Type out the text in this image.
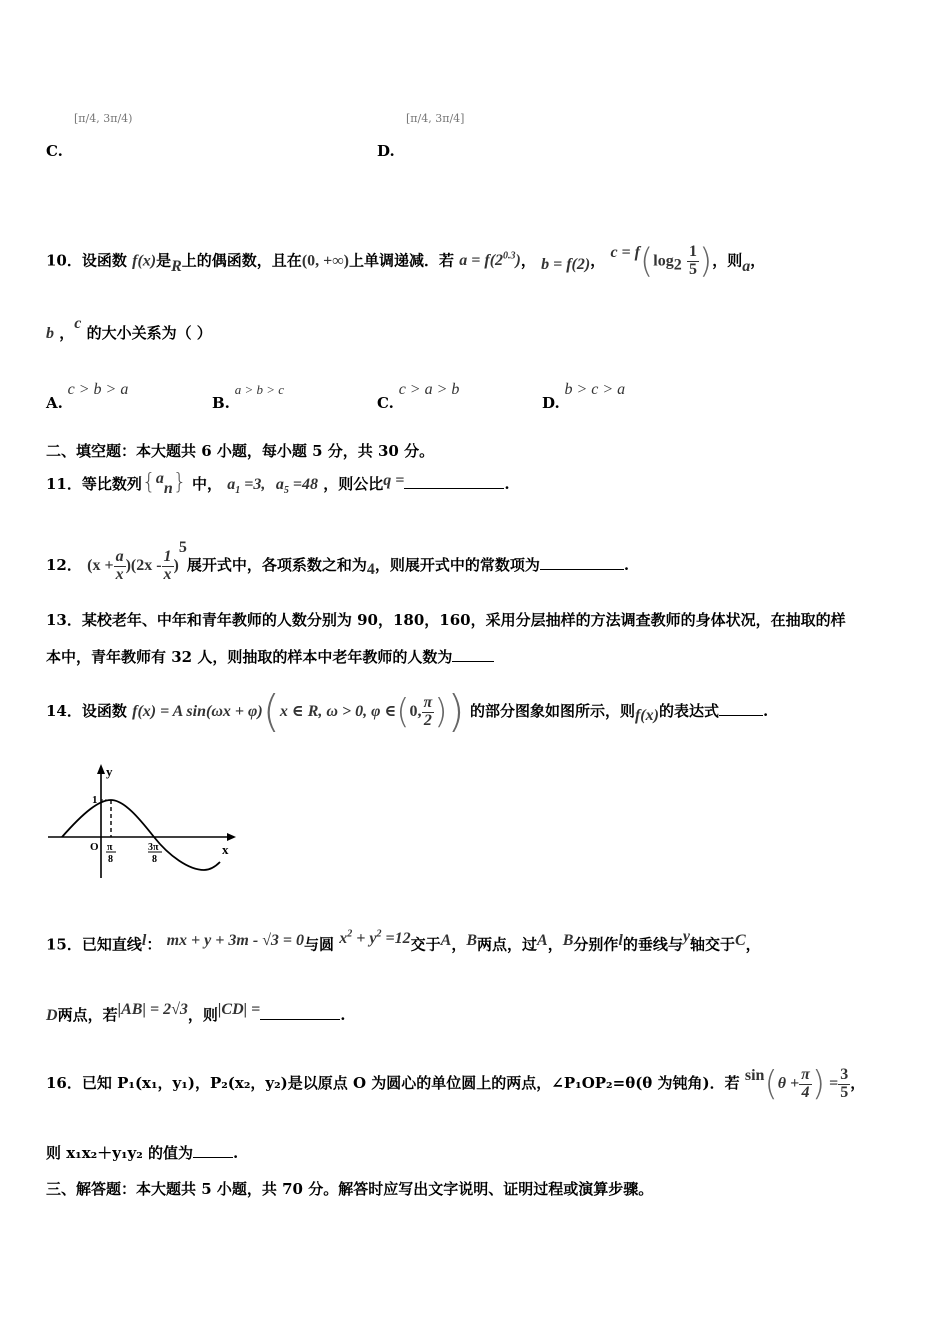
[π/4, 3π/4)
C.
[π/4, 3π/4]
D.
10．设函数 f(x)是R上的偶函数，且在(0, +∞)上单调递减．若 $a = f(2^{0.3})$， b = f(2)， $c = f(\log_2 \frac{1}{5}$ )，则a，
b ，c 的大小关系为（ ）
A. c > b > a
B. a > b > c
C. c > a > b
D. b > c > a
二、填空题：本大题共 6 小题，每小题 5 分，共 30 分。
11．等比数列$\{a_n\}$ 中， $a_1 =3$, $a_5 =48$ ，则公比q =	.
12． $(x + \frac{a}{x} )(2x - \frac{1}{x} )^5$展开式中，各项系数之和为4，则展开式中的常数项为	.
13．某校老年、中年和青年教师的人数分别为 90，180，160，采用分层抽样的方法调查教师的身体状况，在抽取的样
本中，青年教师有 32 人，则抽取的样本中老年教师的人数为
14．设函数 f(x) = A sin(ωx + φ)(x ∈ R, ω > 0, φ ∈(0, $\frac{\pi}{2}$ )) 的部分图象如图所示，则f(x)的表达式	.
y
x
O
1
π
8
3π
8
15．已知直线l： mx + y + 3m - √3 = 0与圆 $x^2 + y^2 =12$交于A，B两点，过A，B分别作l的垂线与y轴交于C，
D两点，若|AB| = 2√3，则|CD| =	.
16．已知 P₁(x₁，y₁)，P₂(x₂，y₂)是以原点 O 为圆心的单位圆上的两点，∠P₁OP₂=θ(θ 为钝角)．若 $\sin(\theta + \frac{\pi}{4}$ ) = $\frac{3}{5}$ ，
则 x₁x₂＋y₁y₂ 的值为	.
三、解答题：本大题共 5 小题，共 70 分。解答时应写出文字说明、证明过程或演算步骤。
